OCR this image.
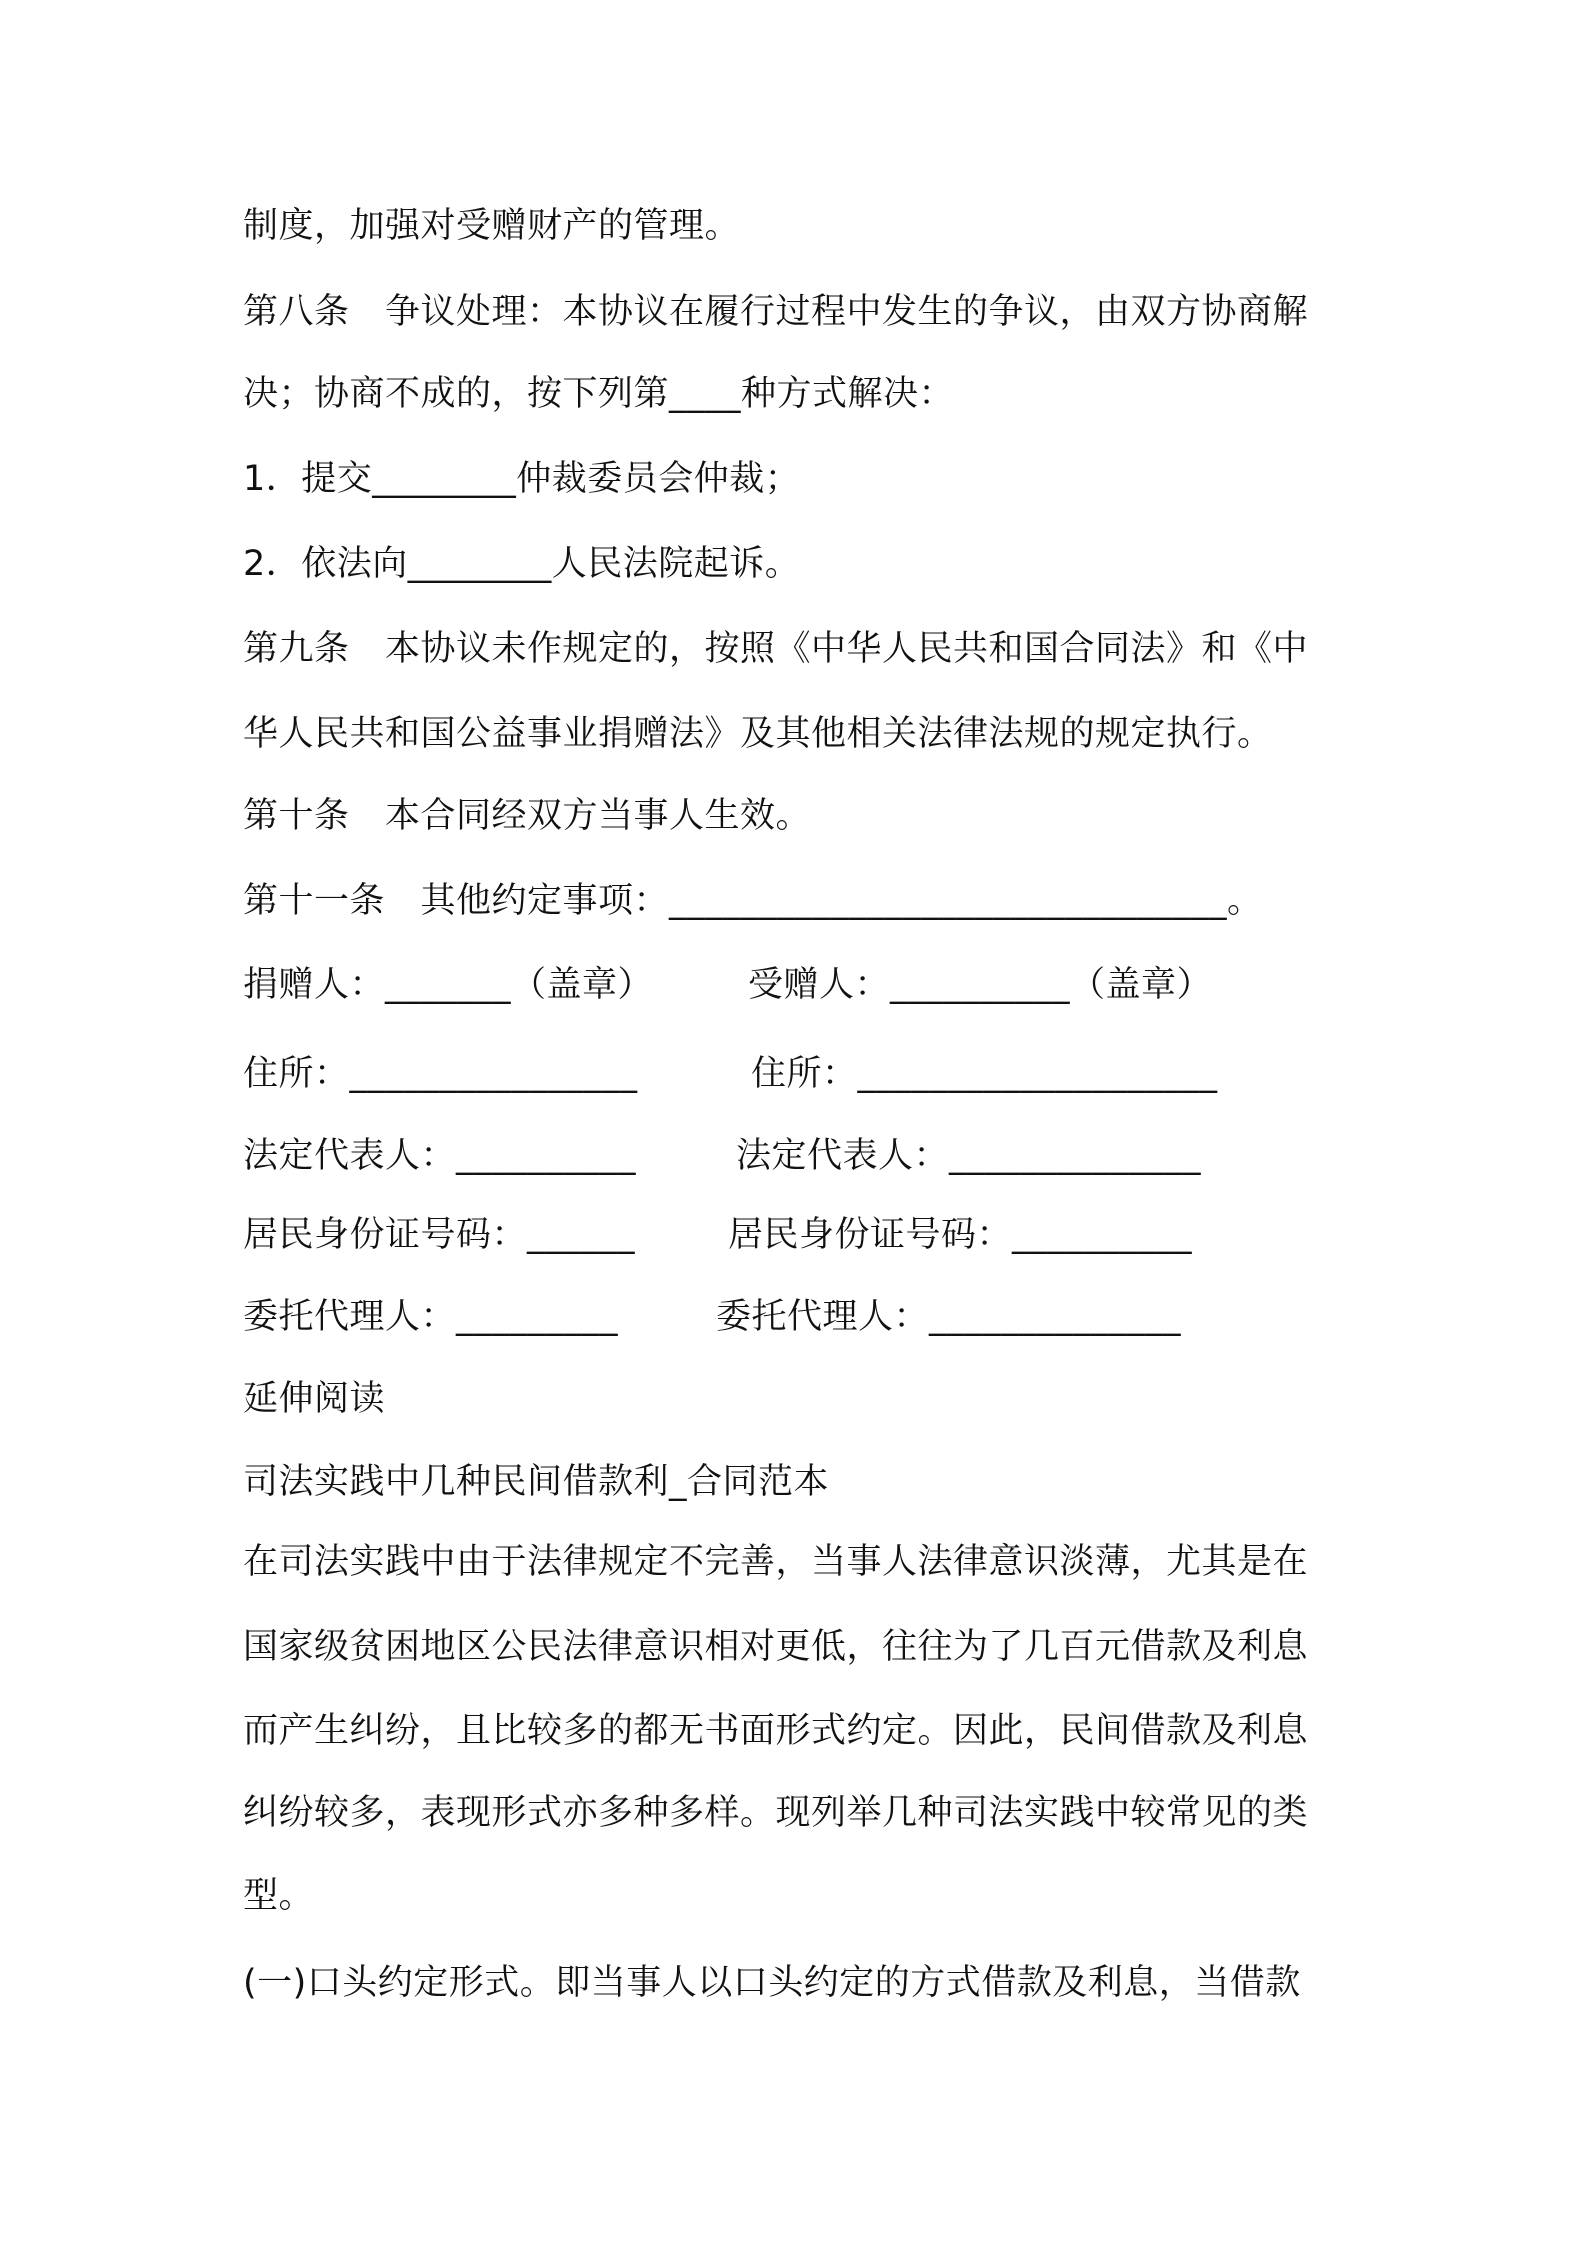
制度，加强对受赠财产的管理。
第八条　争议处理：本协议在履行过程中发生的争议，由双方协商解
决；协商不成的，按下列第____种方式解决：
1．提交________仲裁委员会仲裁；
2．依法向________人民法院起诉。
第九条　本协议未作规定的，按照《中华人民共和国合同法》和《中
华人民共和国公益事业捐赠法》及其他相关法律法规的规定执行。
第十条　本合同经双方当事人生效。
第十一条　其他约定事项：_______________________________。
捐赠人：_______（盖章）	受赠人：__________（盖章）
住所：________________	住所：____________________
法定代表人：__________	法定代表人：______________
居民身份证号码：______	居民身份证号码：__________
委托代理人：_________	委托代理人：______________
延伸阅读
司法实践中几种民间借款利_合同范本
在司法实践中由于法律规定不完善，当事人法律意识淡薄，尤其是在
国家级贫困地区公民法律意识相对更低，往往为了几百元借款及利息
而产生纠纷，且比较多的都无书面形式约定。因此，民间借款及利息
纠纷较多，表现形式亦多种多样。现列举几种司法实践中较常见的类
型。
(一)口头约定形式。即当事人以口头约定的方式借款及利息，当借款
